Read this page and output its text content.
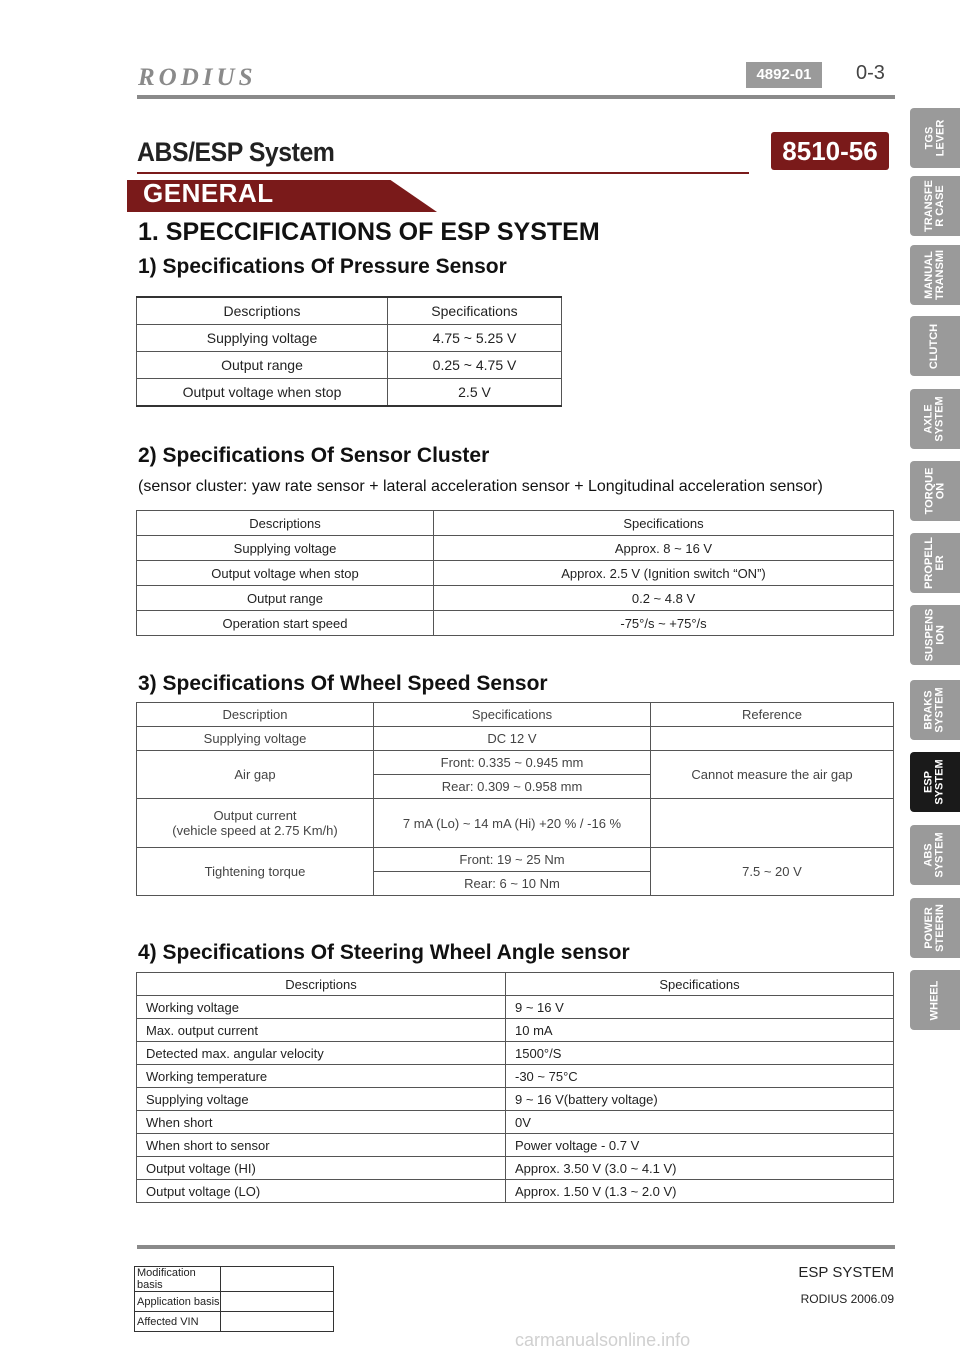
RODIUS	4892-01	0-3
ABS/ESP System	8510-56
GENERAL
1. SPECCIFICATIONS OF ESP SYSTEM
1) Specifications Of Pressure Sensor
Descriptions	Specifications
Supplying voltage	4.75 ~ 5.25 V
Output range	0.25 ~ 4.75 V
Output voltage when stop	2.5 V
2) Specifications Of Sensor Cluster
(sensor cluster: yaw rate sensor + lateral acceleration sensor + Longitudinal acceleration sensor)
Descriptions	Specifications
Supplying voltage	Approx. 8 ~ 16 V
Output voltage when stop	Approx. 2.5 V (Ignition switch “ON”)
Output range	0.2 ~ 4.8 V
Operation start speed	-75°/s ~ +75°/s
3) Specifications Of Wheel Speed Sensor
Description	Specifications	Reference
Supplying voltage	DC 12 V	
Air gap	Front: 0.335 ~ 0.945 mm	Cannot measure the air gap
	Rear: 0.309 ~ 0.958 mm	

Output current
(vehicle speed at 2.75 Km/h)	7 mA (Lo) ~ 14 mA (Hi) +20 % / -16 %	
Tightening torque	Front: 19 ~ 25 Nm	7.5 ~ 20 V
	Rear: 6 ~ 10 Nm	
4) Specifications Of Steering Wheel Angle sensor
Descriptions	Specifications
Working voltage	9 ~ 16 V
Max. output current	10 mA
Detected max. angular velocity	1500°/S
Working temperature	-30 ~ 75°C
Supplying voltage	9 ~ 16 V(battery voltage)
When short	0V
When short to sensor	Power voltage - 0.7 V
Output voltage (HI)	Approx. 3.50 V (3.0 ~ 4.1 V)
Output voltage (LO)	Approx. 1.50 V (1.3 ~ 2.0 V)
TGS
LEVER
TRANSFE
R CASE
MANUAL
TRANSMI
CLUTCH
AXLE
SYSTEM
TORQUE
ON
PROPELL
ER
SUSPENS
ION
BRAKS
SYSTEM
ESP
SYSTEM
ABS
SYSTEM
POWER
STEERIN
WHEEL
Modification basis	
Application basis	
Affected VIN	
ESP SYSTEM
RODIUS 2006.09
carmanualsonline.info
